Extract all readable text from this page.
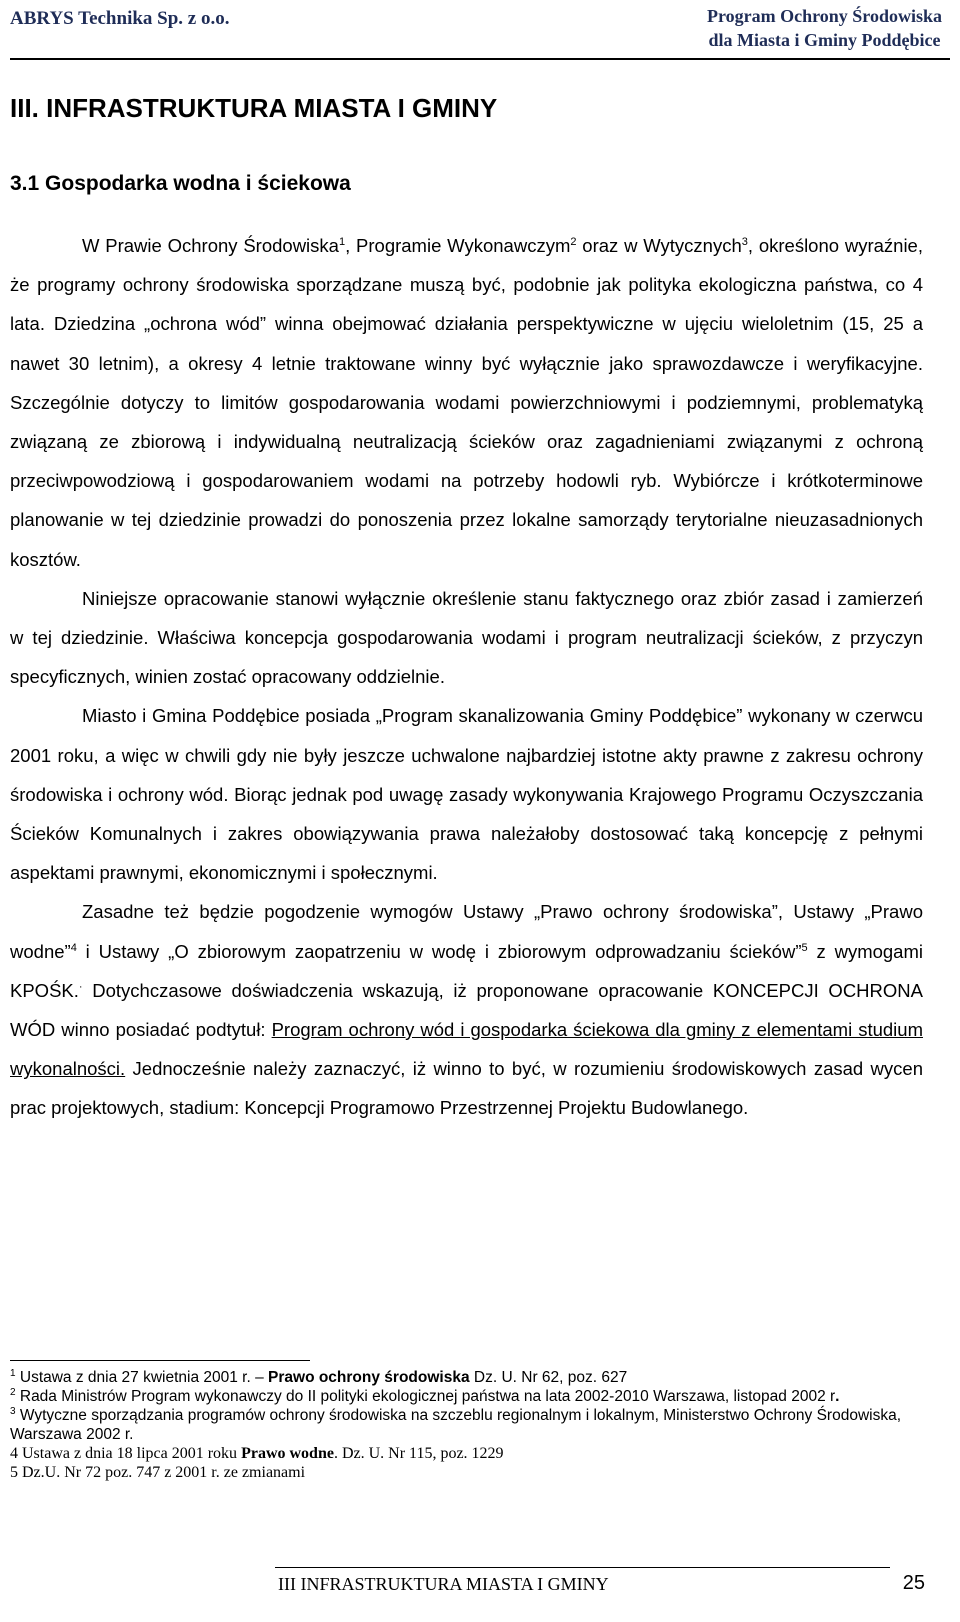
ABRYS Technika Sp. z o.o.	Program Ochrony Środowiska
dla Miasta i Gminy Poddębice
III. INFRASTRUKTURA MIASTA I GMINY
3.1 Gospodarka wodna i ściekowa

W Prawie Ochrony Środowiska$^1$, Programie Wykonawczym$^2$ oraz w Wytycznych$^3$, określono wyraźnie, że programy ochrony środowiska sporządzane muszą być, podobnie jak polityka ekologiczna państwa, co 4 lata. Dziedzina „ochrona wód” winna obejmować działania perspektywiczne w ujęciu wieloletnim (15, 25 a nawet 30 letnim), a okresy 4 letnie traktowane winny być wyłącznie jako sprawozdawcze i weryfikacyjne. Szczególnie dotyczy to limitów gospodarowania wodami powierzchniowymi i podziemnymi, problematyką związaną ze zbiorową i indywidualną neutralizacją ścieków oraz zagadnieniami związanymi z ochroną przeciwpowodziową i gospodarowaniem wodami na potrzeby hodowli ryb. Wybiórcze i krótkoterminowe planowanie w tej dziedzinie prowadzi do ponoszenia przez lokalne samorządy terytorialne nieuzasadnionych kosztów.

Niniejsze opracowanie stanowi wyłącznie określenie stanu faktycznego oraz zbiór zasad i zamierzeń w tej dziedzinie. Właściwa koncepcja gospodarowania wodami i program neutralizacji ścieków, z przyczyn specyficznych, winien zostać opracowany oddzielnie.

Miasto i Gmina Poddębice posiada „Program skanalizowania Gminy Poddębice” wykonany w czerwcu 2001 roku, a więc w chwili gdy nie były jeszcze uchwalone najbardziej istotne akty prawne z zakresu ochrony środowiska i ochrony wód. Biorąc jednak pod uwagę zasady wykonywania Krajowego Programu Oczyszczania Ścieków Komunalnych i zakres obowiązywania prawa należałoby dostosować taką koncepcję z pełnymi aspektami prawnymi, ekonomicznymi i społecznymi.

Zasadne też będzie pogodzenie wymogów Ustawy „Prawo ochrony środowiska”, Ustawy „Prawo wodne”$^4$ i Ustawy „O zbiorowym zaopatrzeniu w wodę i zbiorowym odprowadzaniu ścieków”$^5$ z wymogami KPOŚK.· Dotychczasowe doświadczenia wskazują, iż proponowane opracowanie KONCEPCJI OCHRONA WÓD winno posiadać podtytuł: Program ochrony wód i gospodarka ściekowa dla gminy z elementami studium wykonalności. Jednocześnie należy zaznaczyć, iż winno to być, w rozumieniu środowiskowych zasad wycen prac projektowych, stadium: Koncepcji Programowo Przestrzennej Projektu Budowlanego.

$^1$ Ustawa z dnia 27 kwietnia 2001 r. – Prawo ochrony środowiska Dz. U. Nr 62, poz. 627

$^2$ Rada Ministrów Program wykonawczy do II polityki ekologicznej państwa na lata 2002-2010 Warszawa, listopad 2002 r.

$^3$ Wytyczne sporządzania programów ochrony środowiska na szczeblu regionalnym i lokalnym, Ministerstwo Ochrony Środowiska, Warszawa 2002 r.

4 Ustawa z dnia 18 lipca 2001 roku Prawo wodne. Dz. U. Nr 115, poz. 1229

5 Dz.U. Nr 72 poz. 747 z 2001 r. ze zmianami

III INFRASTRUKTURA MIASTA I GMINY	25
